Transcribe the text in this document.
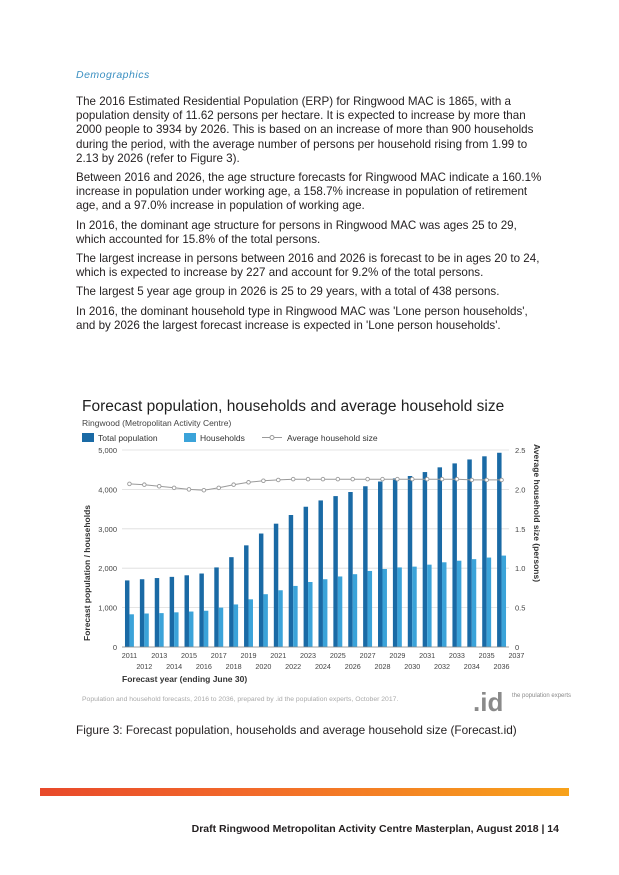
Demographics

The 2016 Estimated Residential Population (ERP) for Ringwood MAC is 1865, with a population density of 11.62 persons per hectare. It is expected to increase by more than 2000 people to 3934 by 2026. This is based on an increase of more than 900 households during the period, with the average number of persons per household rising from 1.99 to 2.13 by 2026 (refer to Figure 3).

Between 2016 and 2026, the age structure forecasts for Ringwood MAC indicate a 160.1% increase in population under working age, a 158.7% increase in population of retirement age, and a 97.0% increase in population of working age.

In 2016, the dominant age structure for persons in Ringwood MAC was ages 25 to 29, which accounted for 15.8% of the total persons.

The largest increase in persons between 2016 and 2026 is forecast to be in ages 20 to 24, which is expected to increase by 227 and account for 9.2% of the total persons.

The largest 5 year age group in 2026 is 25 to 29 years, with a total of 438 persons.

In 2016, the dominant household type in Ringwood MAC was 'Lone person households', and by 2026 the largest forecast increase is expected in 'Lone person households'.

Forecast population, households and average household size
Ringwood (Metropolitan Activity Centre)
Total population	Households	Average household size
0
1,000
2,000
3,000
4,000
5,000
0
0.5
1.0
1.5
2.0
2.5
2011 2013 2015 2017 2019 2021 2023 2025 2027 2029 2031 2033 2035 2037
2012 2014 2016 2018 2020 2022 2024 2026 2028 2030 2032 2034 2036
Forecast population / households	Average household size (persons)
Forecast year (ending June 30)
Population and household forecasts, 2016 to 2036, prepared by .id the population experts, October 2017.	.id the population experts
Figure 3: Forecast population, households and average household size (Forecast.id)
Draft Ringwood Metropolitan Activity Centre Masterplan, August 2018 | 14
